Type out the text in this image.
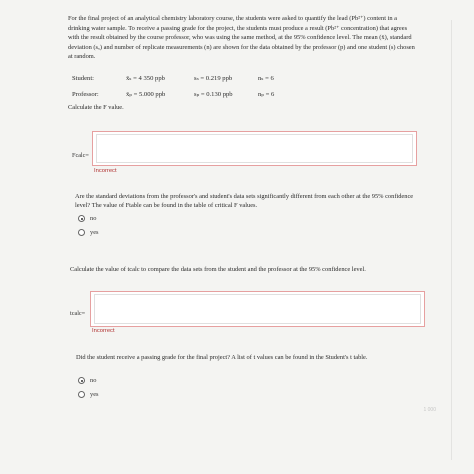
For the final project of an analytical chemistry laboratory course, the students were asked to quantify the lead (Pb²⁺) content in a drinking water sample. To receive a passing grade for the project, the students must produce a result (Pb²⁺ concentration) that agrees with the result obtained by the course professor, who was using the same method, at the 95% confidence level. The mean (x̄), standard deviation (sₓ) and number of replicate measurements (n) are shown for the data obtained by the professor (p) and one student (s) chosen at random.
Student:	x̄ₛ = 4 350 ppb	sₛ = 0.219 ppb	nₛ = 6
Professor:	x̄ₚ = 5.000 ppb	sₚ = 0.130 ppb	nₚ = 6
Calculate the F value.
Fcalc=
Incorrect
Are the standard deviations from the professor's and student's data sets significantly different from each other at the 95% confidence level? The value of Ftable can be found in the table of critical F values.
no
yes
Calculate the value of tcalc to compare the data sets from the student and the professor at the 95% confidence level.
tcalc=
Incorrect
Did the student receive a passing grade for the final project? A list of t values can be found in the Student's t table.
no
yes
1 000
